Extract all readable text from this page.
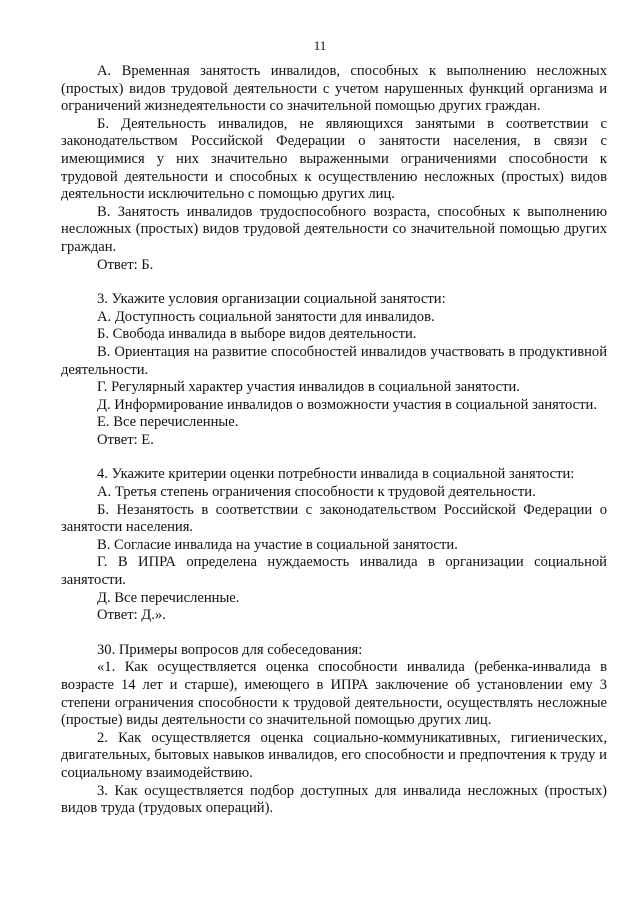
11

А. Временная занятость инвалидов, способных к выполнению несложных (простых) видов трудовой деятельности с учетом нарушенных функций организма и ограничений жизнедеятельности со значительной помощью других граждан.

Б. Деятельность инвалидов, не являющихся занятыми в соответствии с законодательством Российской Федерации о занятости населения, в связи с имеющимися у них значительно выраженными ограничениями способности к трудовой деятельности и способных к осуществлению несложных (простых) видов деятельности исключительно с помощью других лиц.

В. Занятость инвалидов трудоспособного возраста, способных к выполнению несложных (простых) видов трудовой деятельности со значительной помощью других граждан.

Ответ: Б.

3. Укажите условия организации социальной занятости:

А. Доступность социальной занятости для инвалидов.

Б. Свобода инвалида в выборе видов деятельности.

В. Ориентация на развитие способностей инвалидов участвовать в продуктивной деятельности.

Г. Регулярный характер участия инвалидов в социальной занятости.

Д. Информирование инвалидов о возможности участия в социальной занятости.

Е. Все перечисленные.

Ответ: Е.

4. Укажите критерии оценки потребности инвалида в социальной занятости:

А. Третья степень ограничения способности к трудовой деятельности.

Б. Незанятость в соответствии с законодательством Российской Федерации о занятости населения.

В. Согласие инвалида на участие в социальной занятости.

Г. В ИПРА определена нуждаемость инвалида в организации социальной занятости.

Д. Все перечисленные.

Ответ: Д.».

30. Примеры вопросов для собеседования:

«1. Как осуществляется оценка способности инвалида (ребенка-инвалида в возрасте 14 лет и старше), имеющего в ИПРА заключение об установлении ему 3 степени ограничения способности к трудовой деятельности, осуществлять несложные (простые) виды деятельности со значительной помощью других лиц.

2. Как осуществляется оценка социально-коммуникативных, гигиенических, двигательных, бытовых навыков инвалидов, его способности и предпочтения к труду и социальному взаимодействию.

3. Как осуществляется подбор доступных для инвалида несложных (простых) видов труда (трудовых операций).
